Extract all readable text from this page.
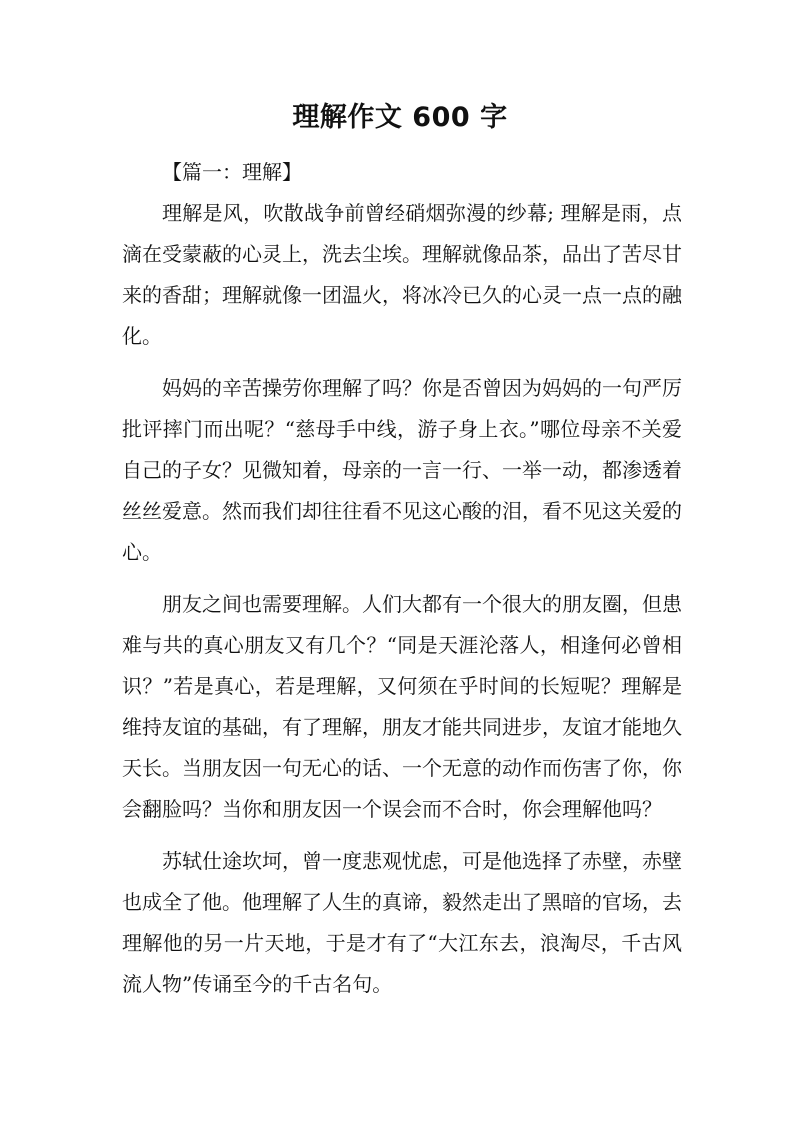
理解作文 600 字

【篇一：理解】

理解是风，吹散战争前曾经硝烟弥漫的纱幕; 理解是雨，点滴在受蒙蔽的心灵上，洗去尘埃。理解就像品茶，品出了苦尽甘来的香甜；理解就像一团温火，将冰冷已久的心灵一点一点的融化。

妈妈的辛苦操劳你理解了吗？你是否曾因为妈妈的一句严厉批评摔门而出呢？“慈母手中线，游子身上衣。”哪位母亲不关爱自己的子女？见微知着，母亲的一言一行、一举一动，都渗透着丝丝爱意。然而我们却往往看不见这心酸的泪，看不见这关爱的心。

朋友之间也需要理解。人们大都有一个很大的朋友圈，但患难与共的真心朋友又有几个？“同是天涯沦落人，相逢何必曾相识？”若是真心，若是理解，又何须在乎时间的长短呢？理解是维持友谊的基础，有了理解，朋友才能共同进步，友谊才能地久天长。当朋友因一句无心的话、一个无意的动作而伤害了你，你会翻脸吗？当你和朋友因一个误会而不合时，你会理解他吗？

苏轼仕途坎坷，曾一度悲观忧虑，可是他选择了赤壁，赤壁也成全了他。他理解了人生的真谛，毅然走出了黑暗的官场，去理解他的另一片天地，于是才有了“大江东去，浪淘尽，千古风流人物”传诵至今的千古名句。
